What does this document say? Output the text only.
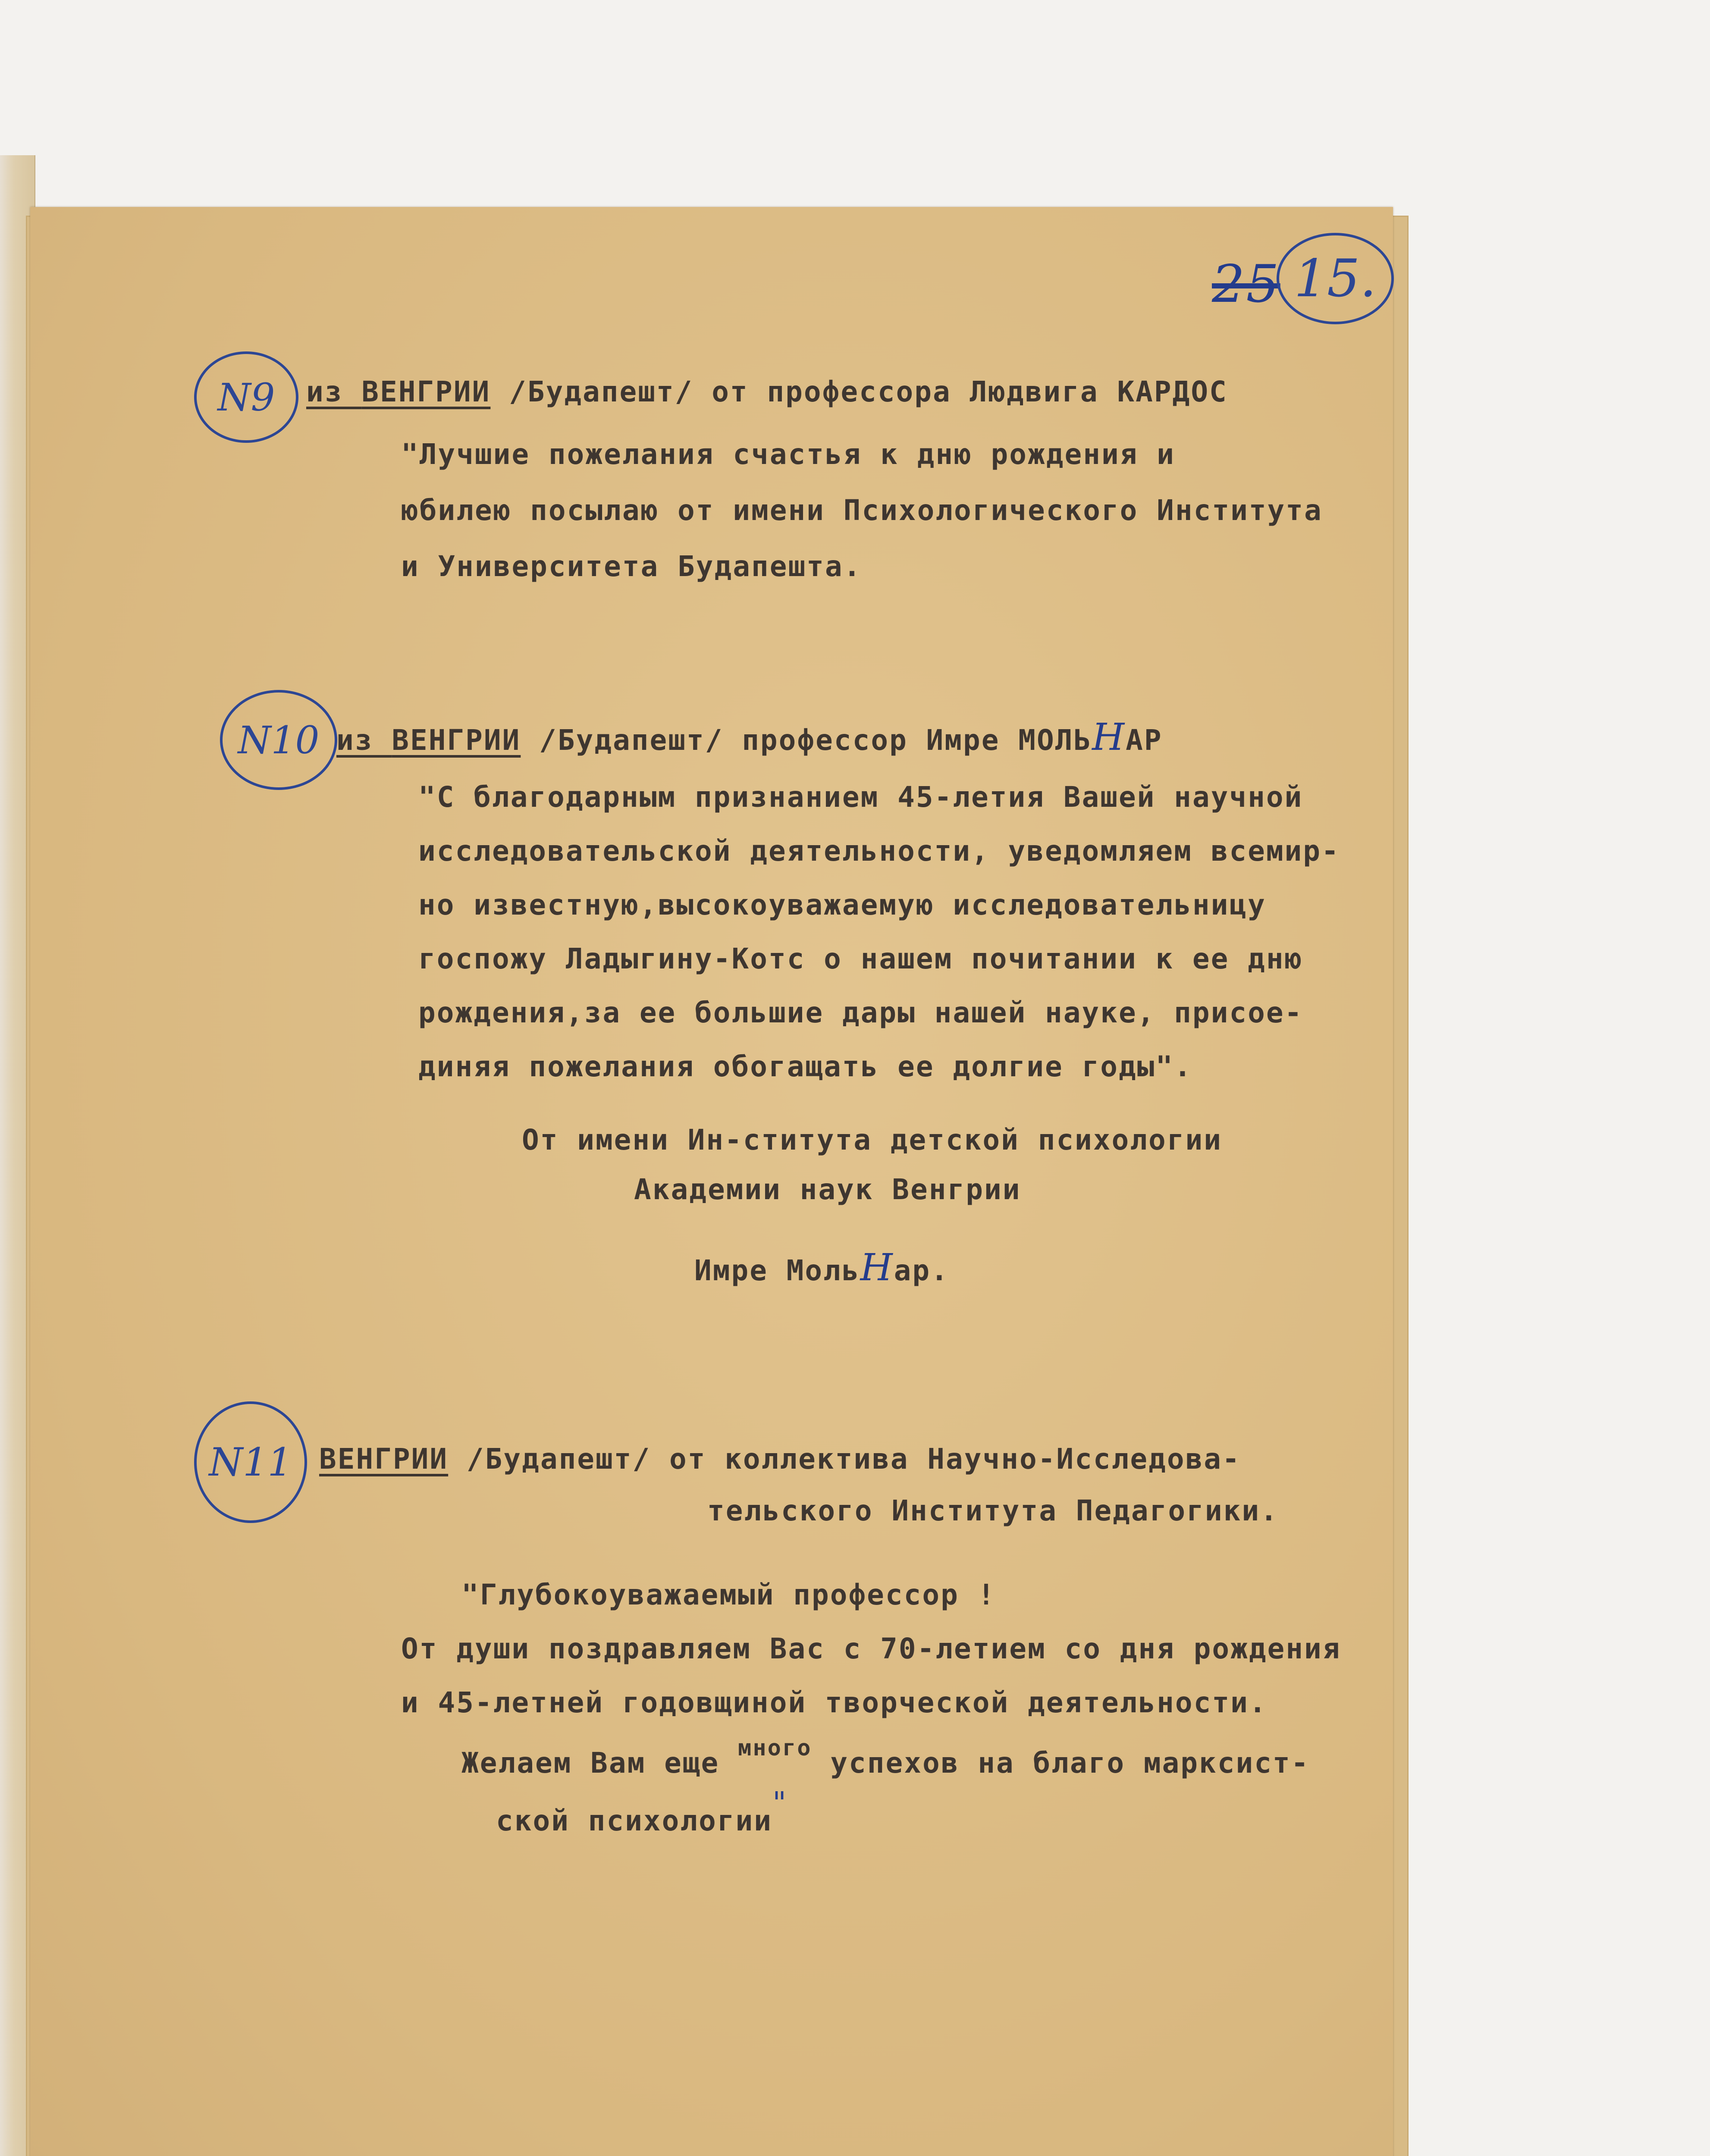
25 15.
N9 из ВЕНГРИИ /Будапешт/ от профессора Людвига КАРДОС
"Лучшие пожелания счастья к дню рождения и
юбилею посылаю от имени Психологического Института
и Университета Будапешта.
N10 из ВЕНГРИИ /Будапешт/ профессор Имре МОЛЬНАР
"С благодарным признанием 45-летия Вашей научной
исследовательской деятельности, уведомляем всемир-
но известную,высокоуважаемую исследовательницу
госпожу Ладыгину-Котс о нашем почитании к ее дню
рождения,за ее большие дары нашей науке, присое-
диняя пожелания обогащать ее долгие годы".
От имени Ин-ститута детской психологии
Академии наук Венгрии
Имре МольНар.
N11 ВЕНГРИИ /Будапешт/ от коллектива Научно-Исследова-
тельского Института Педагогики.
"Глубокоуважаемый профессор !
От души поздравляем Вас с 70-летием со дня рождения
и 45-летней годовщиной творческой деятельности.
Желаем Вам еще $^{много}$ успехов на благо марксист-
ской психологии"
